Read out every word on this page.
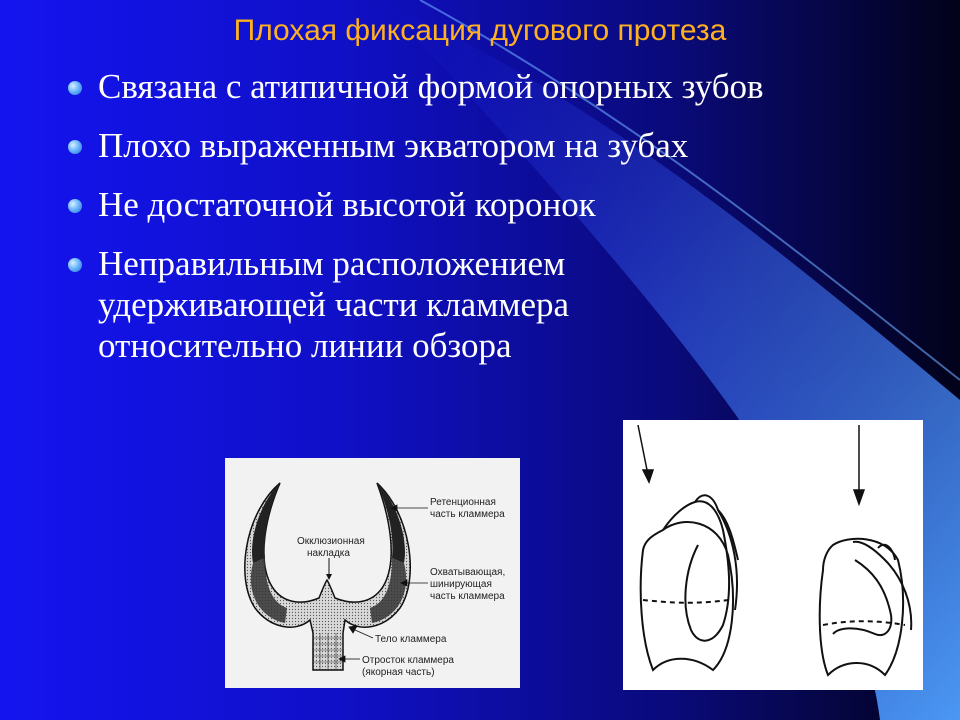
Плохая фиксация дугового протеза
Связана с атипичной формой опорных зубов
Плохо выраженным экватором на зубах
Не достаточной высотой коронок
Неправильным расположением удерживающей части кламмера относительно линии обзора
Окклюзионная
накладка
Ретенционная
часть кламмера
Охватывающая,
шинирующая
часть кламмера
Тело кламмера
Отросток кламмера
(якорная часть)
